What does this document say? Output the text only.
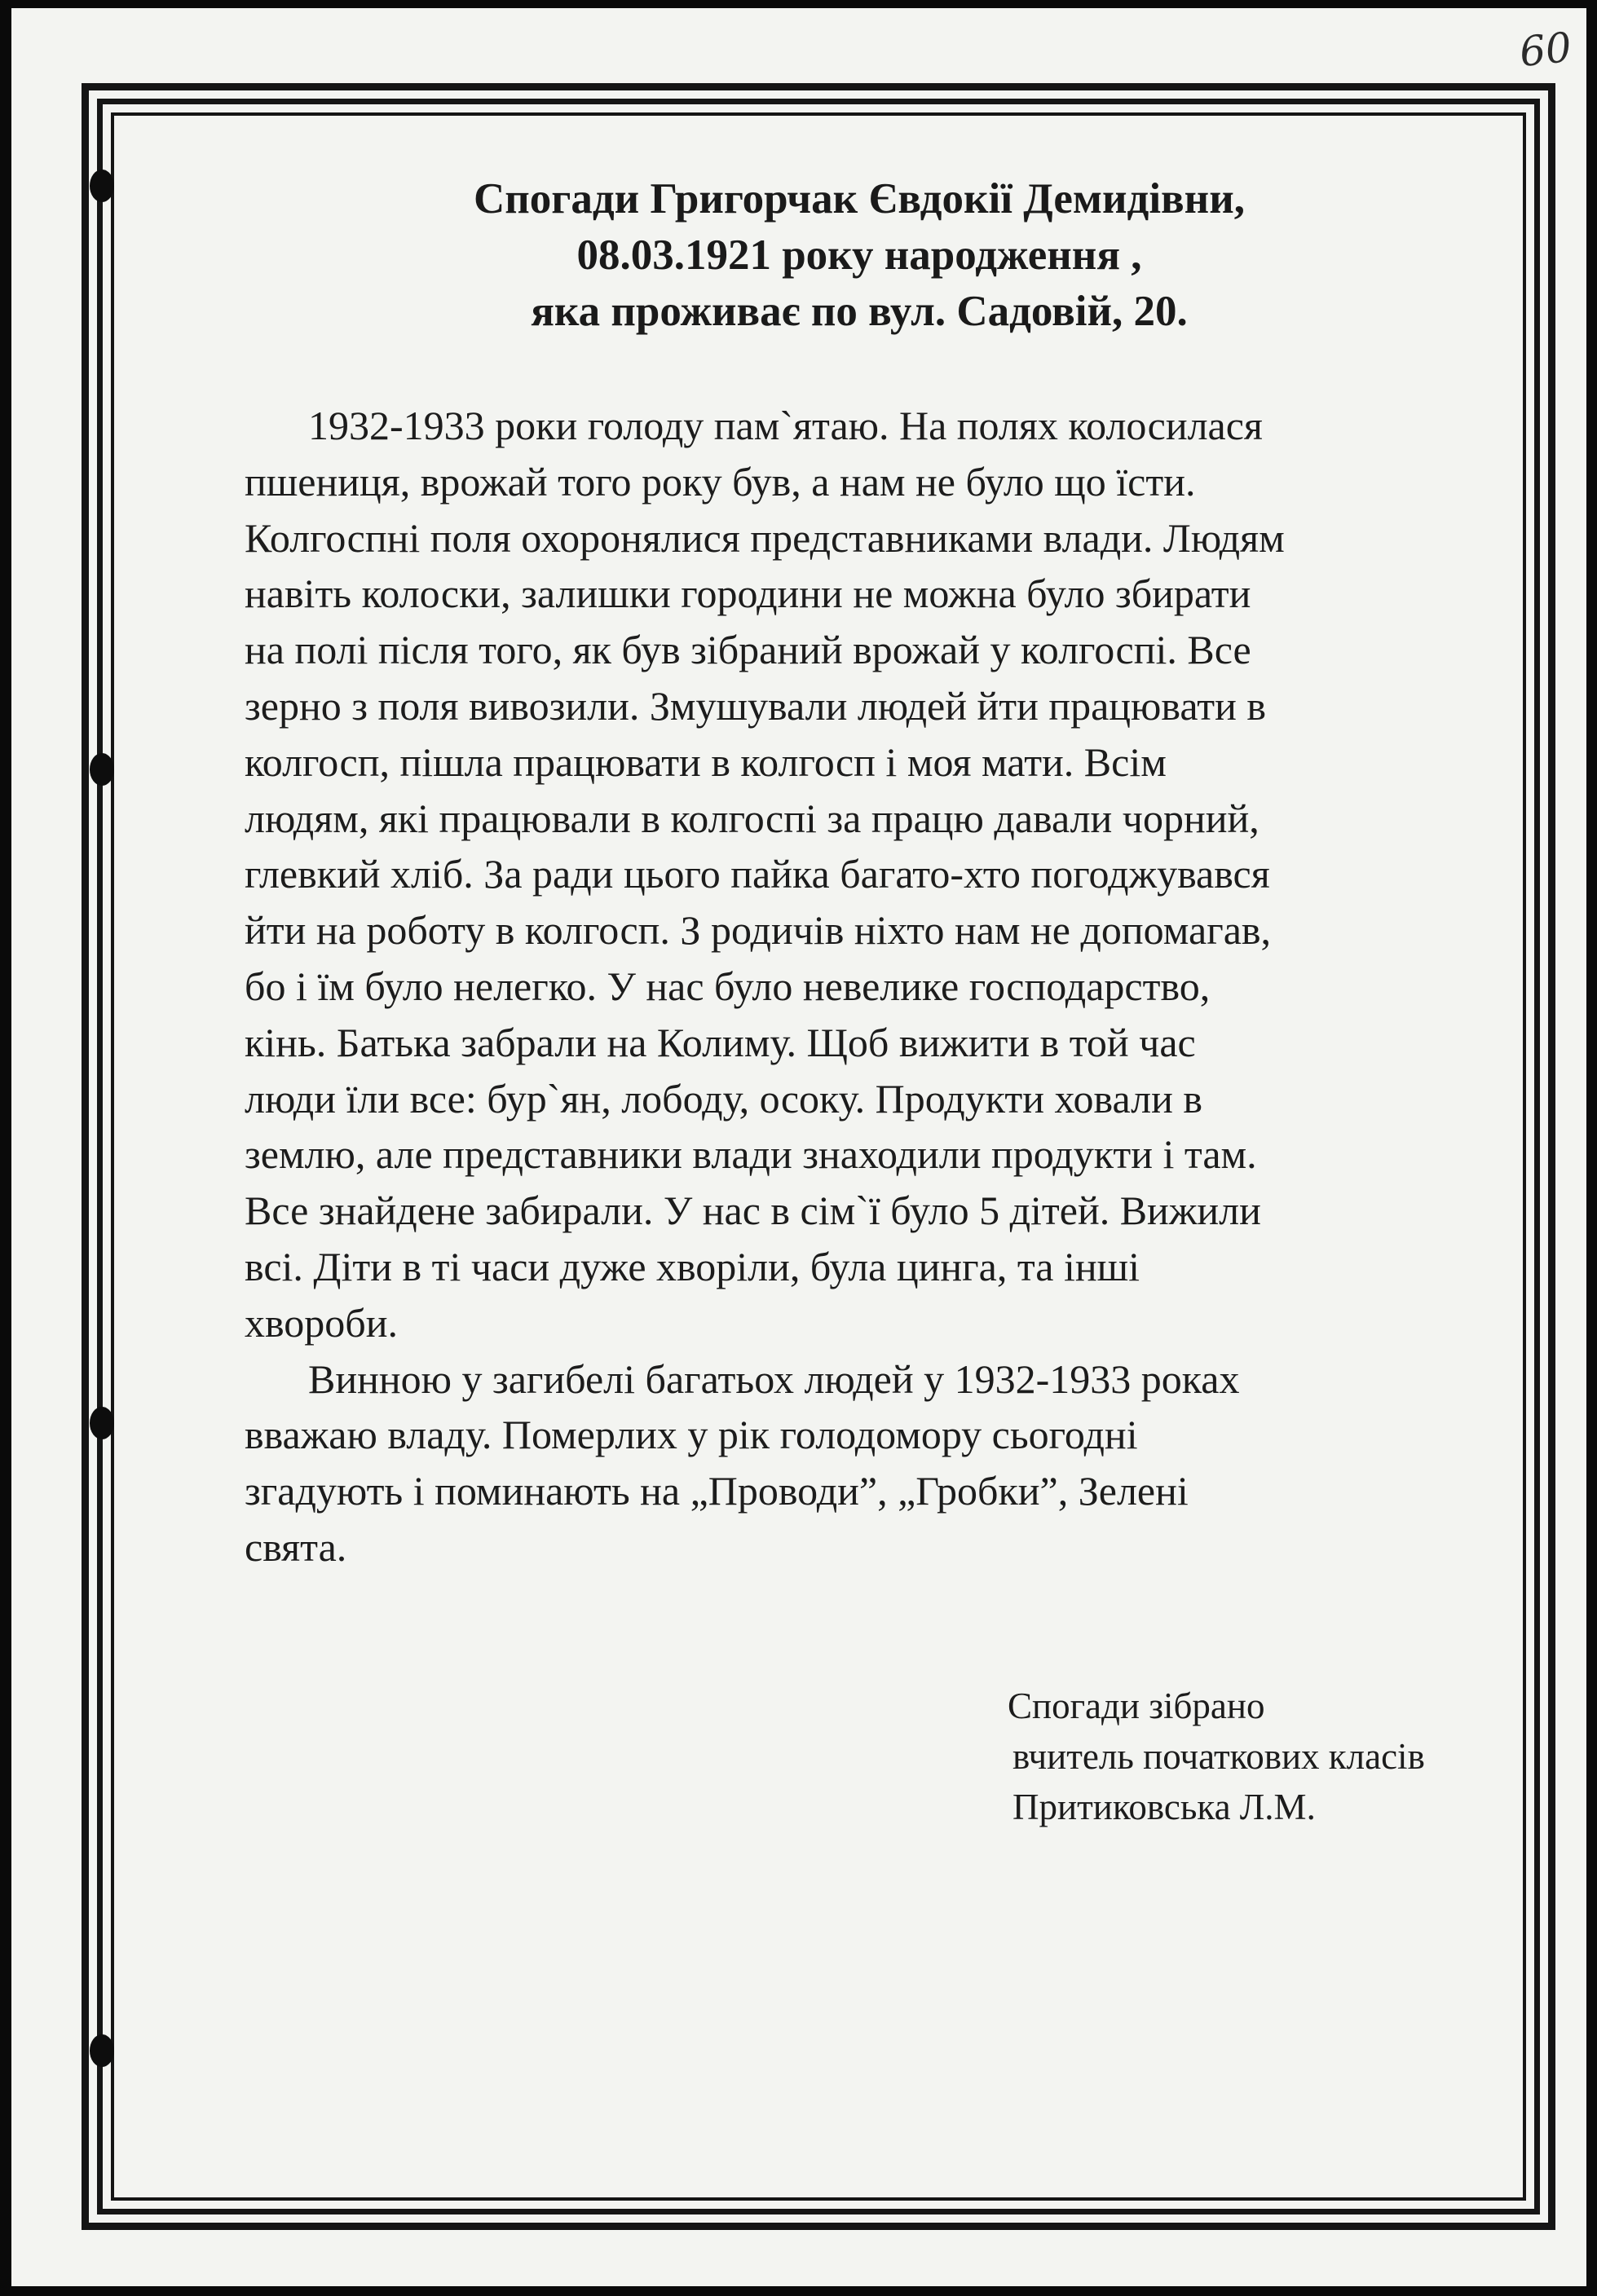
60
Спогади Григорчак Євдокії Демидівни,
08.03.1921 року народження ,
яка проживає по вул. Садовій, 20.
1932-1933 роки голоду пам`ятаю. На полях колосилася
пшениця, врожай того року був, а нам не було що їсти.
Колгоспні поля охоронялися представниками влади. Людям
навіть колоски, залишки городини не можна було збирати
на полі після того, як був зібраний врожай у колгоспі. Все
зерно з поля вивозили. Змушували людей йти працювати в
колгосп, пішла працювати в колгосп і моя мати. Всім
людям, які працювали в колгоспі за працю давали чорний,
глевкий хліб. За ради цього пайка багато-хто погоджувався
йти на роботу в колгосп. З родичів ніхто нам не допомагав,
бо і їм було нелегко. У нас було невелике господарство,
кінь. Батька забрали на Колиму. Щоб вижити в той час
люди їли все: бур`ян, лободу, осоку. Продукти ховали в
землю, але представники влади знаходили продукти і там.
Все знайдене забирали. У нас в сім`ї було 5 дітей. Вижили
всі. Діти в ті часи дуже хворіли, була цинга, та інші
хвороби.
Винною у загибелі багатьох людей у 1932-1933 роках
вважаю владу. Померлих у рік голодомору сьогодні
згадують і поминають на „Проводи”, „Гробки”, Зелені
свята.
Спогади зібрано
вчитель початкових класів
Притиковська Л.М.
